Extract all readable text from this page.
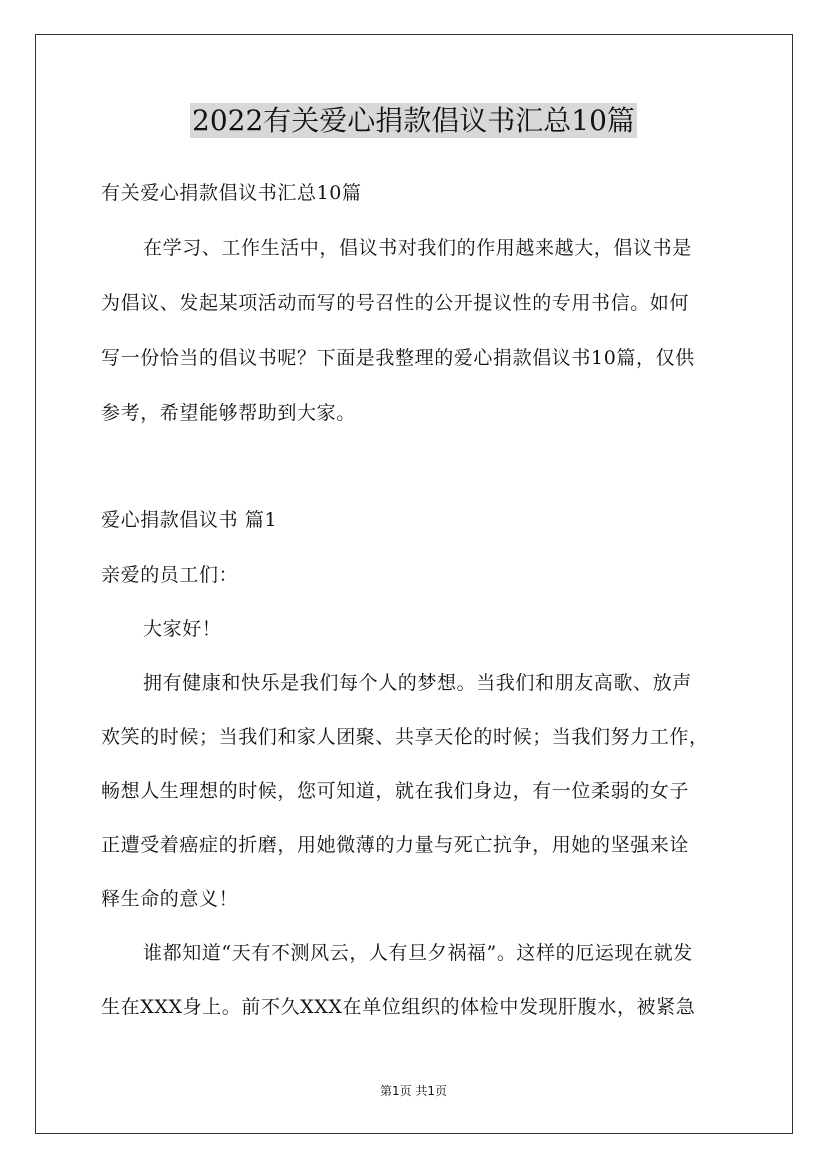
2022有关爱心捐款倡议书汇总10篇

有关爱心捐款倡议书汇总10篇

在学习、工作生活中，倡议书对我们的作用越来越大，倡议书是

为倡议、发起某项活动而写的号召性的公开提议性的专用书信。如何

写一份恰当的倡议书呢？下面是我整理的爱心捐款倡议书10篇，仅供

参考，希望能够帮助到大家。

爱心捐款倡议书 篇1

亲爱的员工们：

大家好！

拥有健康和快乐是我们每个人的梦想。当我们和朋友高歌、放声

欢笑的时候；当我们和家人团聚、共享天伦的时候；当我们努力工作，

畅想人生理想的时候，您可知道，就在我们身边，有一位柔弱的女子

正遭受着癌症的折磨，用她微薄的力量与死亡抗争，用她的坚强来诠

释生命的意义！

谁都知道“天有不测风云，人有旦夕祸福”。这样的厄运现在就发

生在XXX身上。前不久XXX在单位组织的体检中发现肝腹水，被紧急

第1页 共1页
